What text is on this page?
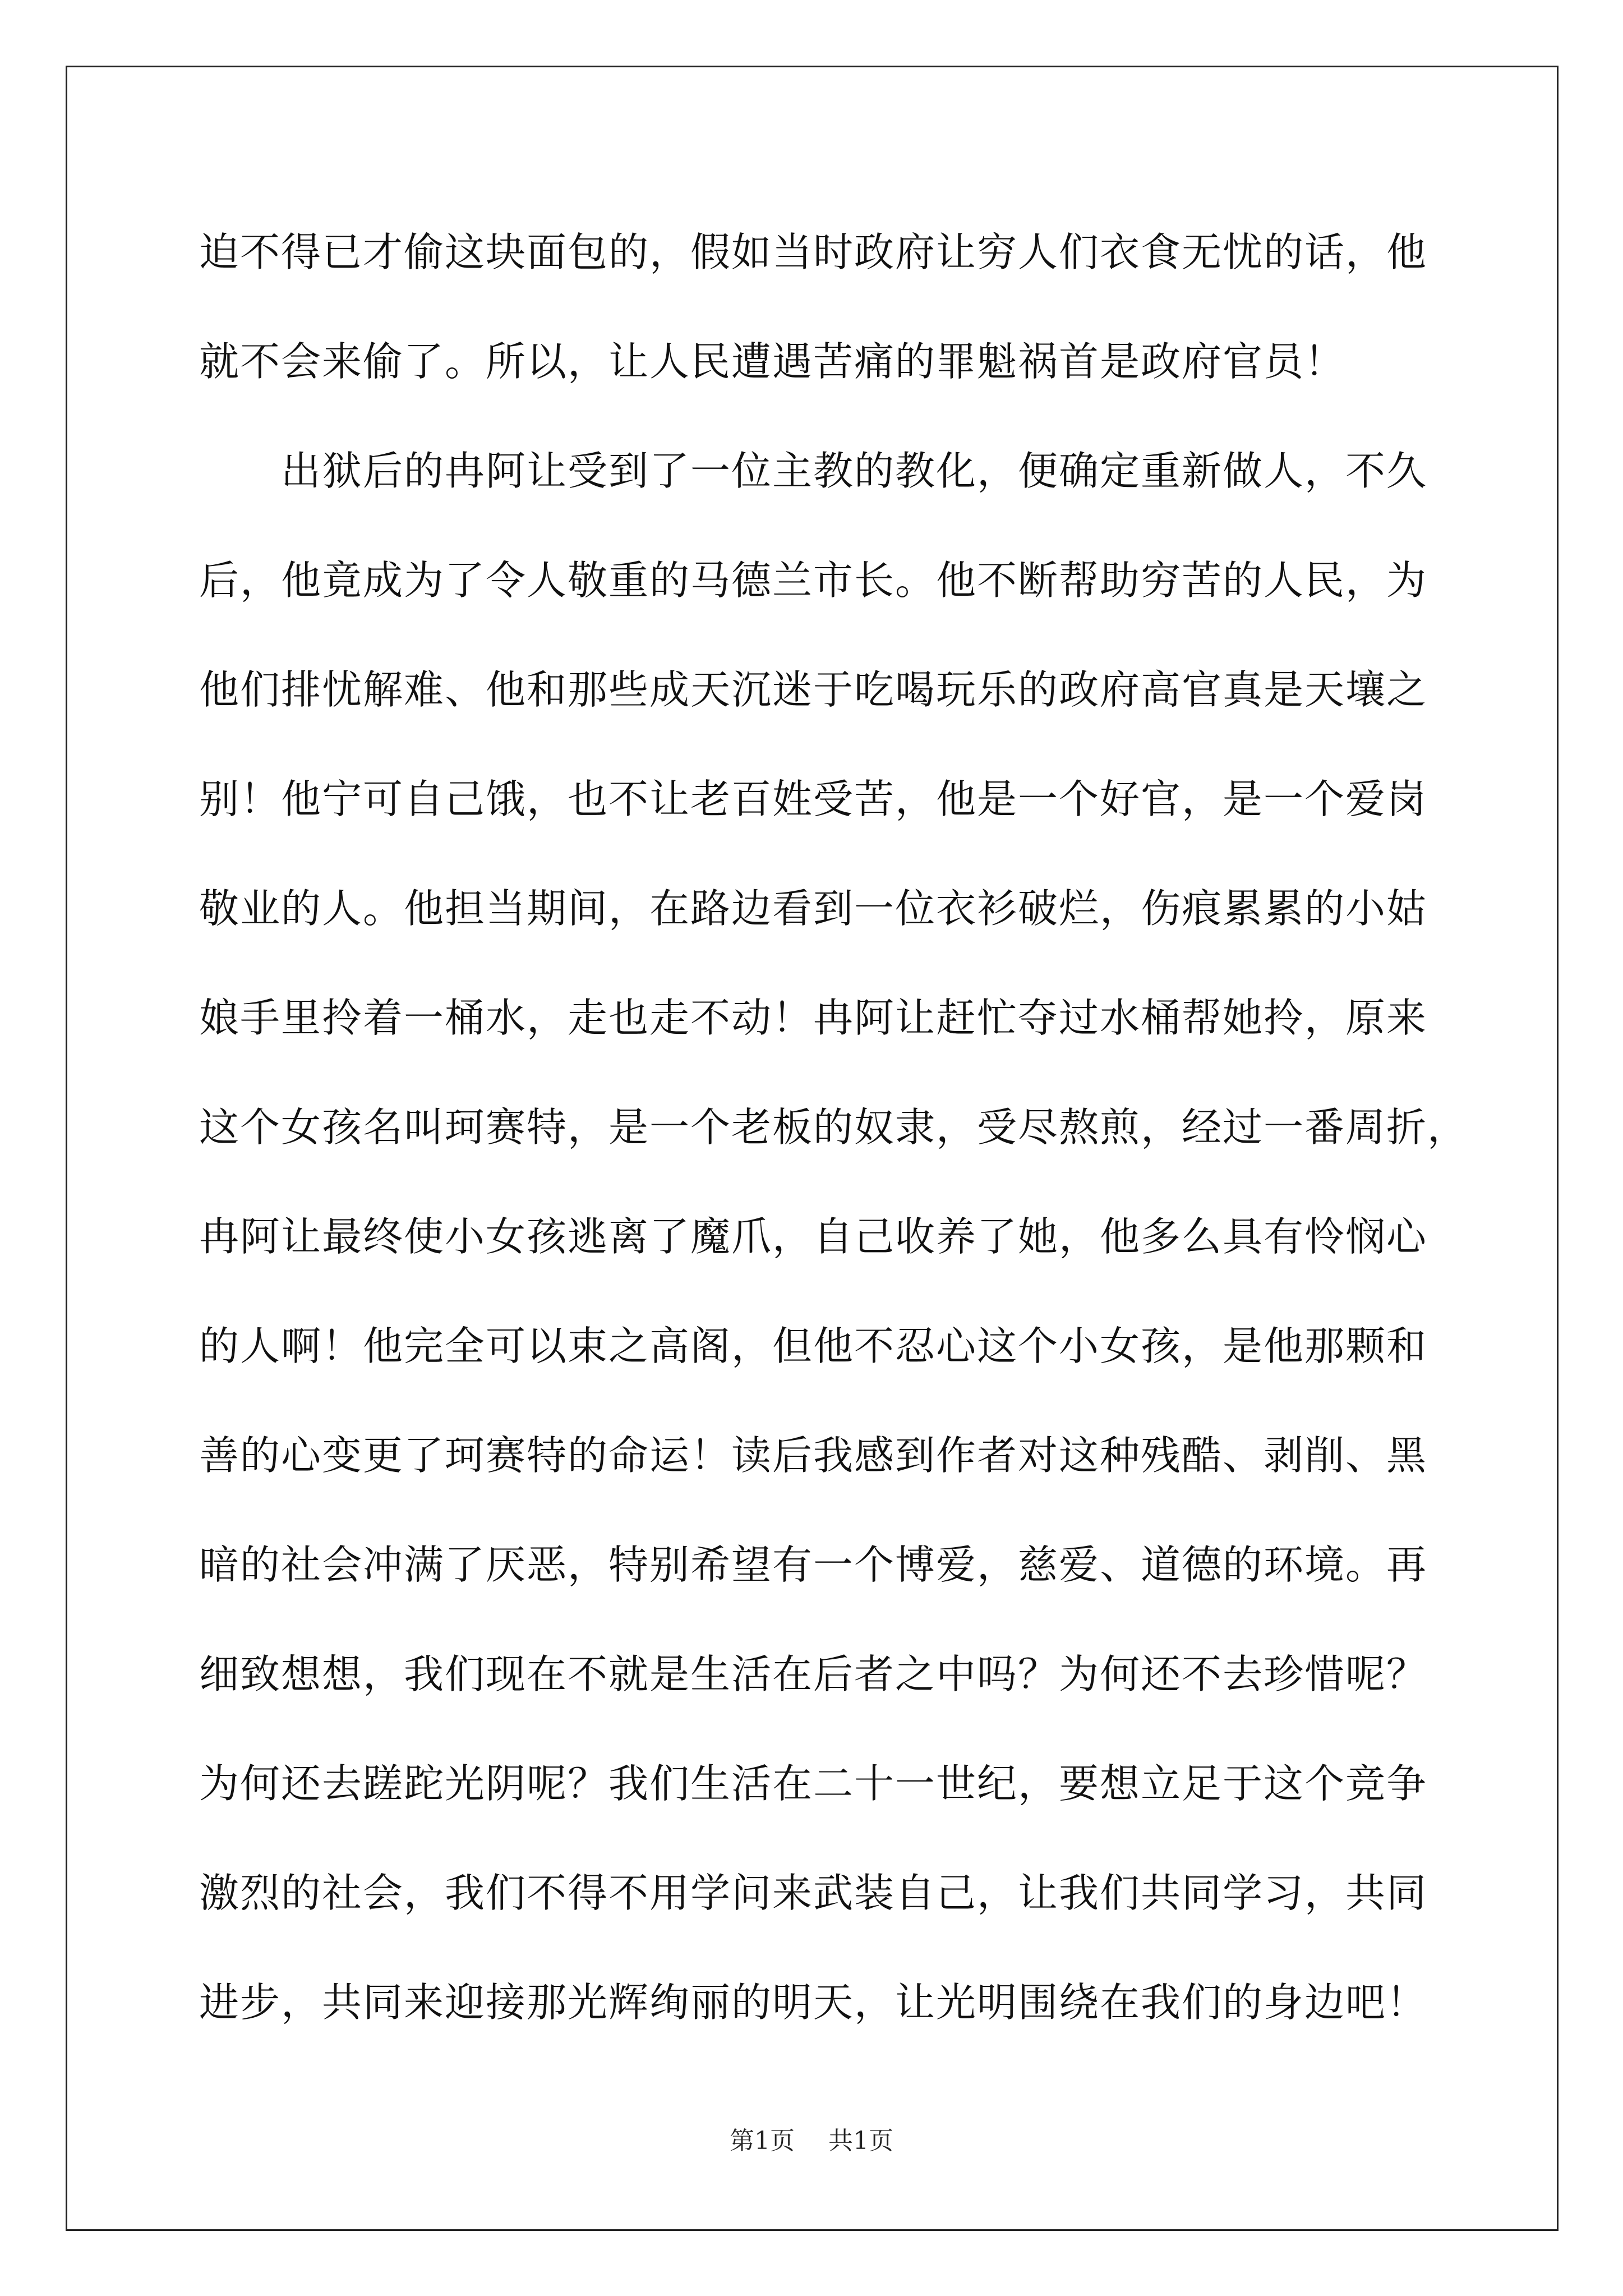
迫不得已才偷这块面包的，假如当时政府让穷人们衣食无忧的话，他
就不会来偷了。所以，让人民遭遇苦痛的罪魁祸首是政府官员！
　　出狱后的冉阿让受到了一位主教的教化，便确定重新做人，不久
后，他竟成为了令人敬重的马德兰市长。他不断帮助穷苦的人民，为
他们排忧解难、他和那些成天沉迷于吃喝玩乐的政府高官真是天壤之
别！他宁可自己饿，也不让老百姓受苦，他是一个好官，是一个爱岗
敬业的人。他担当期间，在路边看到一位衣衫破烂，伤痕累累的小姑
娘手里拎着一桶水，走也走不动！冉阿让赶忙夺过水桶帮她拎，原来
这个女孩名叫珂赛特，是一个老板的奴隶，受尽熬煎，经过一番周折，
冉阿让最终使小女孩逃离了魔爪，自己收养了她，他多么具有怜悯心
的人啊！他完全可以束之高阁，但他不忍心这个小女孩，是他那颗和
善的心变更了珂赛特的命运！读后我感到作者对这种残酷、剥削、黑
暗的社会冲满了厌恶，特别希望有一个博爱，慈爱、道德的环境。再
细致想想，我们现在不就是生活在后者之中吗？为何还不去珍惜呢？
为何还去蹉跎光阴呢？我们生活在二十一世纪，要想立足于这个竞争
激烈的社会，我们不得不用学问来武装自己，让我们共同学习，共同
进步，共同来迎接那光辉绚丽的明天，让光明围绕在我们的身边吧！
第1页 共1页
